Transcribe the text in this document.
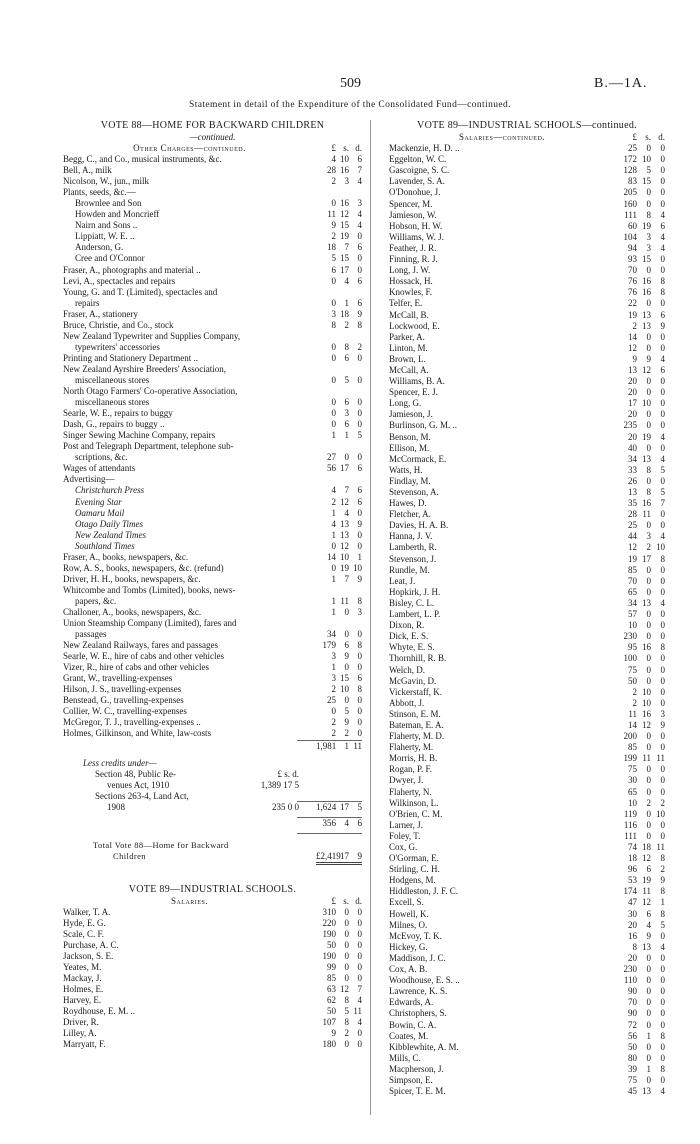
509	B.—1A.
Statement in detail of the Expenditure of the Consolidated Fund—continued.
VOTE 88—HOME FOR BACKWARD CHILDREN
—continued.
Other Charges—continued.	£ s. d.
Begg, C., and Co., musical instruments, &c.	4 10 6
Bell, A., milk	28 16 7
Nicolson, W., jun., milk	2 3 4
Plants, seeds, &c.—
Brownlee and Son	0 16 3
Howden and Moncrieff	11 12 4
Nairn and Sons ..	9 15 4
Lippiatt, W. E. ..	2 19 0
Anderson, G.	18 7 6
Cree and O'Connor	5 15 0
Fraser, A., photographs and material ..	6 17 0
Levi, A., spectacles and repairs	0 4 6
Young, G. and T. (Limited), spectacles and
repairs	0 1 6
Fraser, A., stationery	3 18 9
Bruce, Christie, and Co., stock	8 2 8
New Zealand Typewriter and Supplies Company,
typewriters' accessories	0 8 2
Printing and Stationery Department ..	0 6 0
New Zealand Ayrshire Breeders' Association,
miscellaneous stores	0 5 0
North Otago Farmers' Co-operative Association,
miscellaneous stores	0 6 0
Searle, W. E., repairs to buggy	0 3 0
Dash, G., repairs to buggy ..	0 6 0
Singer Sewing Machine Company, repairs	1 1 5
Post and Telegraph Department, telephone sub-
scriptions, &c.	27 0 0
Wages of attendants	56 17 6
Advertising—
Christchurch Press	4 7 6
Evening Star	2 12 6
Oamaru Mail	1 4 0
Otago Daily Times	4 13 9
New Zealand Times	1 13 0
Southland Times	0 12 0
Fraser, A., books, newspapers, &c.	14 10 1
Row, A. S., books, newspapers, &c. (refund)	0 19 10
Driver, H. H., books, newspapers, &c.	1 7 9
Whitcombe and Tombs (Limited), books, news-
papers, &c.	1 11 8
Challoner, A., books, newspapers, &c.	1 0 3
Union Steamship Company (Limited), fares and
passages	34 0 0
New Zealand Railways, fares and passages	179 6 8
Searle, W. E., hire of cabs and other vehicles	3 9 0
Vizer, R., hire of cabs and other vehicles	1 0 0
Grant, W., travelling-expenses	3 15 6
Hilson, J. S., travelling-expenses	2 10 8
Benstead, G., travelling-expenses	25 0 0
Collier, W. C., travelling-expenses	0 5 0
McGregor, T. J., travelling-expenses ..	2 9 0
Holmes, Gilkinson, and White, law-costs	2 2 0
1,981 1 11
Less credits under—
Section 48, Public Re-	£ s. d.
venues Act, 1910	1,389 17 5
Sections 263-4, Land Act,
1908	235 0 0 1,624 17 5
356 4 6
Total Vote 88—Home for Backward
Children	£2,419 17 9
VOTE 89—INDUSTRIAL SCHOOLS.
Salaries.	£ s. d.
Walker, T. A.	310 0 0
Hyde, E. G.	220 0 0
Scale, C. F.	190 0 0
Purchase, A. C.	50 0 0
Jackson, S. E.	190 0 0
Yeates, M.	99 0 0
Mackay, J.	85 0 0
Holmes, E.	63 12 7
Harvey, E.	62 8 4
Roydhouse, E. M. ..	50 5 11
Driver, R.	107 8 4
Lilley, A.	9 2 0
Marryatt, F.	180 0 0
VOTE 89—INDUSTRIAL SCHOOLS—continued.
Salaries—continued.	£ s. d.
Mackenzie, H. D. ..	25	0	0
Eggelton, W. C.	172 10	0
Gascoigne, S. C.	128	5	0
Lavender, S. A.	83 15	0
O'Donohue, J.	205	0	0
Spencer, M.	160	0	0
Jamieson, W.	111	8	4
Hobson, H. W.	60 19	6
Williams, W. J.	104	3	4
Feather, J. R.	94	3	4
Finning, R. J.	93 15	0
Long, J. W.	70	0	0
Hossack, H.	76 16	8
Knowles, F.	76 16	8
Telfer, E.	22	0	0
McCall, B.	19 13	6
Lockwood, E.	2 13	9
Parker, A.	14	0	0
Linton, M.	12	0	0
Brown, L.	9	9	4
McCall, A.	13 12	6
Williams, B. A.	20	0	0
Spencer, E. J.	20	0	0
Long, G.	17 10	0
Jamieson, J.	20	0	0
Burlinson, G. M. ..	235	0	0
Benson, M.	20 19	4
Ellison, M.	40	0	0
McCormack, E.	34 13	4
Watts, H.	33	8	5
Findlay, M.	26	0	0
Stevenson, A.	13	8	5
Hawes, D.	35 16	7
Fletcher, A.	28 11	0
Davies, H. A. B.	25	0	0
Hanna, J. V.	44	3	4
Lamberth, R.	12	2 10
Stevenson, J.	19 17	8
Rundle, M.	85	0	0
Leat, J.	70	0	0
Hopkirk, J. H.	65	0	0
Bisley, C. L.	34 13	4
Lambert, L. P.	57	0	0
Dixon, R.	10	0	0
Dick, E. S.	230	0	0
Whyte, E. S.	95 16	8
Thornhill, R. B.	100	0	0
Welch, D.	75	0	0
McGavin, D.	50	0	0
Vickerstaff, K.	2 10	0
Abbott, J.	2 10	0
Stinson, E. M.	11 16	3
Bateman, E. A.	14 12	9
Flaherty, M. D.	200	0	0
Flaherty, M.	85	0	0
Morris, H. B.	199 11 11
Rogan, P. F.	75	0	0
Dwyer, J.	30	0	0
Flaherty, N.	65	0	0
Wilkinson, L.	10	2	2
O'Brien, C. M.	119	0 10
Larner, J.	116	0	0
Foley, T.	111	0	0
Cox, G.	74 18 11
O'Gorman, E.	18 12	8
Stirling, C. H.	96	6	2
Hodgens, M.	53 19	9
Hiddleston, J. F. C.	174 11	8
Excell, S.	47 12	1
Howell, K.	30	6	8
Milnes, O.	20	4	5
McEvoy, T. K.	16	9	0
Hickey, G.	8 13	4
Maddison, J. C.	20	0	0
Cox, A. B.	230	0	0
Woodhouse, E. S. ..	110	0	0
Lawrence, K. S.	90	0	0
Edwards, A.	70	0	0
Christophers, S.	90	0	0
Bowin, C. A.	72	0	0
Coates, M.	56	1	8
Kibblewhite, A. M.	50	0	0
Mills, C.	80	0	0
Macpherson, J.	39	1	8
Simpson, E.	75	0	0
Spicer, T. E. M.	45 13	4
